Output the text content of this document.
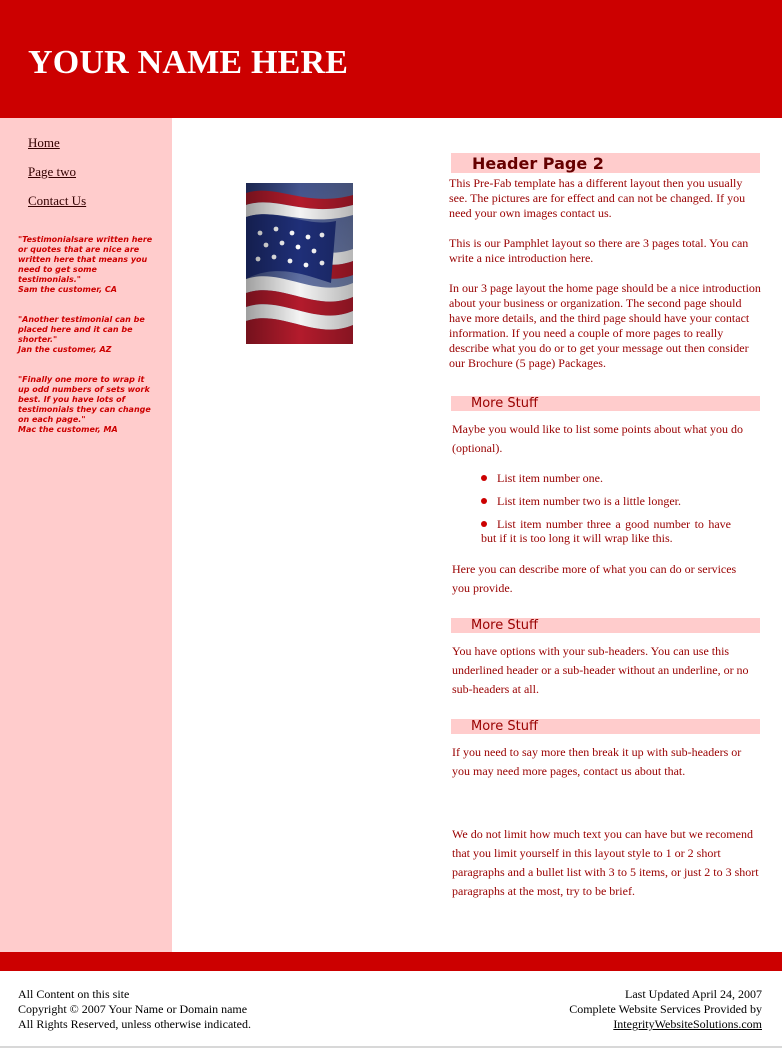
YOUR NAME HERE
Home
Page two
Contact Us
"Testimonialsare written here or quotes that are nice are written here that means you need to get some testimonials."
Sam the customer, CA
"Another testimonial can be placed here and it can be shorter."
Jan the customer, AZ
"Finally one more to wrap it up odd numbers of sets work best. If you have lots of testimonials they can change on each page."
Mac the customer, MA
Header Page 2
This Pre-Fab template has a different layout then you usually see. The pictures are for effect and can not be changed. If you need your own images contact us.
This is our Pamphlet layout so there are 3 pages total. You can write a nice introduction here.
In our 3 page layout the home page should be a nice introduction about your business or organization. The second page should have more details, and the third page should have your contact information. If you need a couple of more pages to really describe what you do or to get your message out then consider our Brochure (5 page) Packages.
More Stuff
Maybe you would like to list some points about what you do (optional).
List item number one.
List item number two is a little longer.
List item number three a good number to have but if it is too long it will wrap like this.
Here you can describe more of what you can do or services you provide.
More Stuff
You have options with your sub-headers. You can use this underlined header or a sub-header without an underline, or no sub-headers at all.
More Stuff
If you need to say more then break it up with sub-headers or you may need more pages, contact us about that.
We do not limit how much text you can have but we recomend that you limit yourself in this layout style to 1 or 2 short paragraphs and a bullet list with 3 to 5 items, or just 2 to 3 short paragraphs at the most, try to be brief.
All Content on this site
Copyright © 2007 Your Name or Domain name
All Rights Reserved, unless otherwise indicated.
Last Updated April 24, 2007
Complete Website Services Provided by
IntegrityWebsiteSolutions.com
